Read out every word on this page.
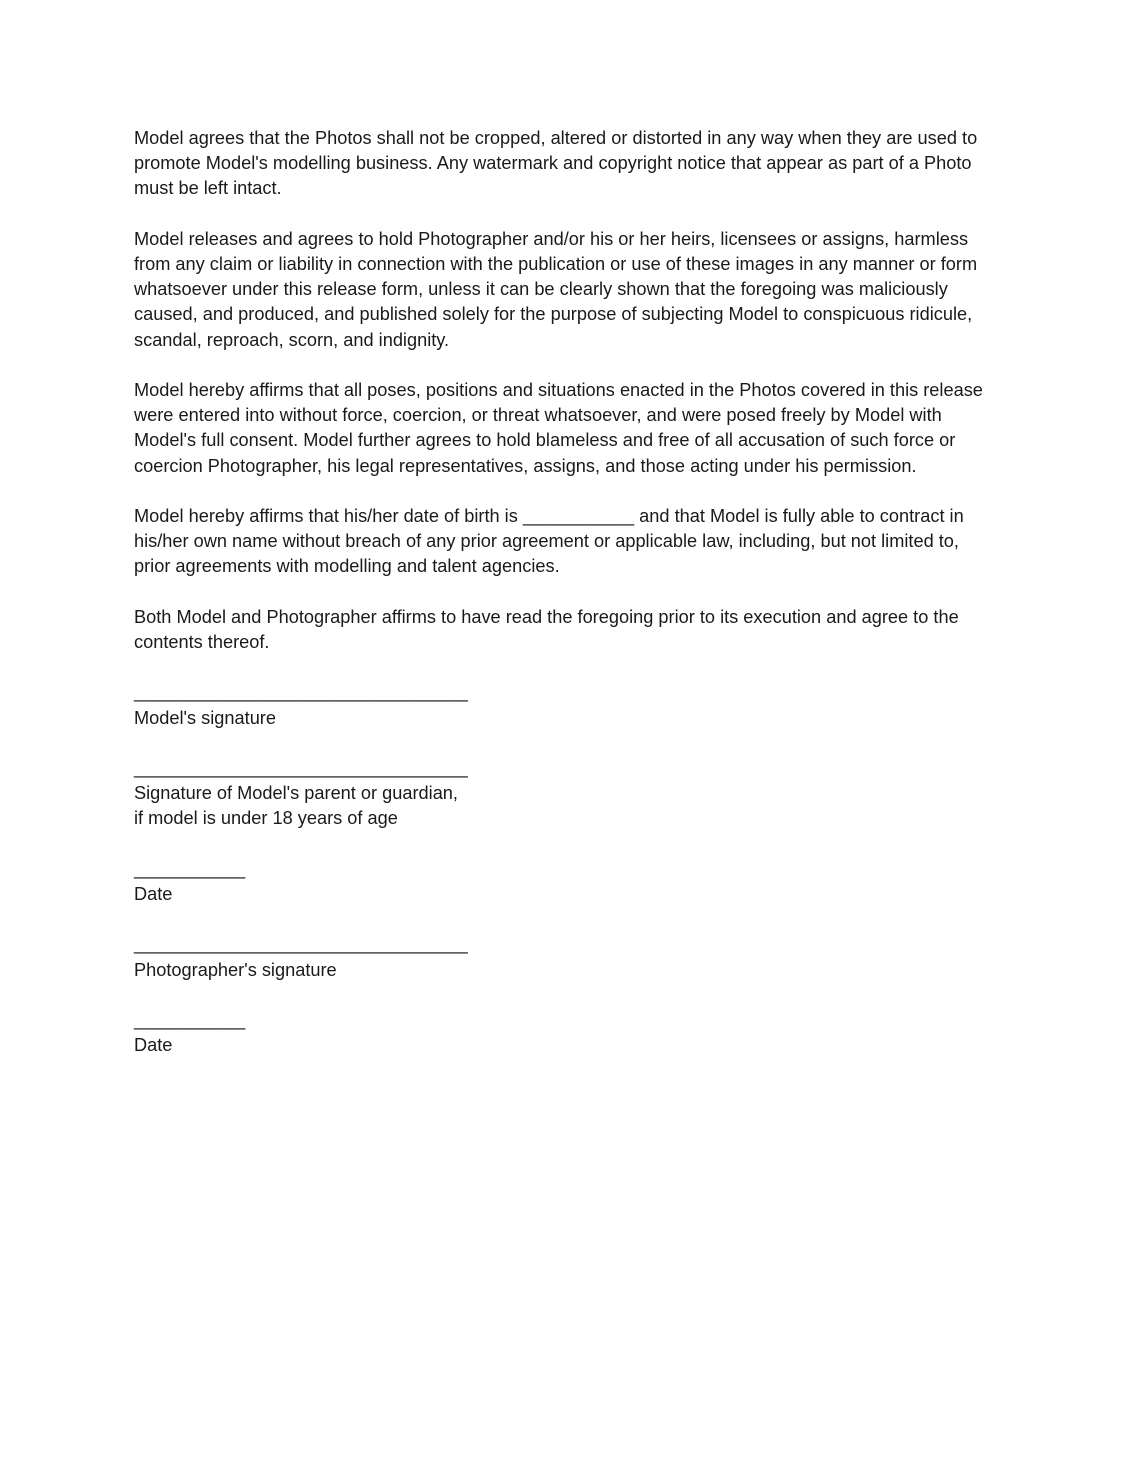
Model agrees that the Photos shall not be cropped, altered or distorted in any way when they are used to
promote Model's modelling business. Any watermark and copyright notice that appear as part of a Photo
must be left intact.

Model releases and agrees to hold Photographer and/or his or her heirs, licensees or assigns, harmless
from any claim or liability in connection with the publication or use of these images in any manner or form
whatsoever under this release form, unless it can be clearly shown that the foregoing was maliciously
caused, and produced, and published solely for the purpose of subjecting Model to conspicuous ridicule,
scandal, reproach, scorn, and indignity.

Model hereby affirms that all poses, positions and situations enacted in the Photos covered in this release
were entered into without force, coercion, or threat whatsoever, and were posed freely by Model with
Model's full consent. Model further agrees to hold blameless and free of all accusation of such force or
coercion Photographer, his legal representatives, assigns, and those acting under his permission.

Model hereby affirms that his/her date of birth is ___________ and that Model is fully able to contract in
his/her own name without breach of any prior agreement or applicable law, including, but not limited to,
prior agreements with modelling and talent agencies.

Both Model and Photographer affirms to have read the foregoing prior to its execution and agree to the
contents thereof.

_________________________________
Model's signature
_________________________________
Signature of Model's parent or guardian,
if model is under 18 years of age
___________
Date
_________________________________
Photographer's signature
___________
Date
